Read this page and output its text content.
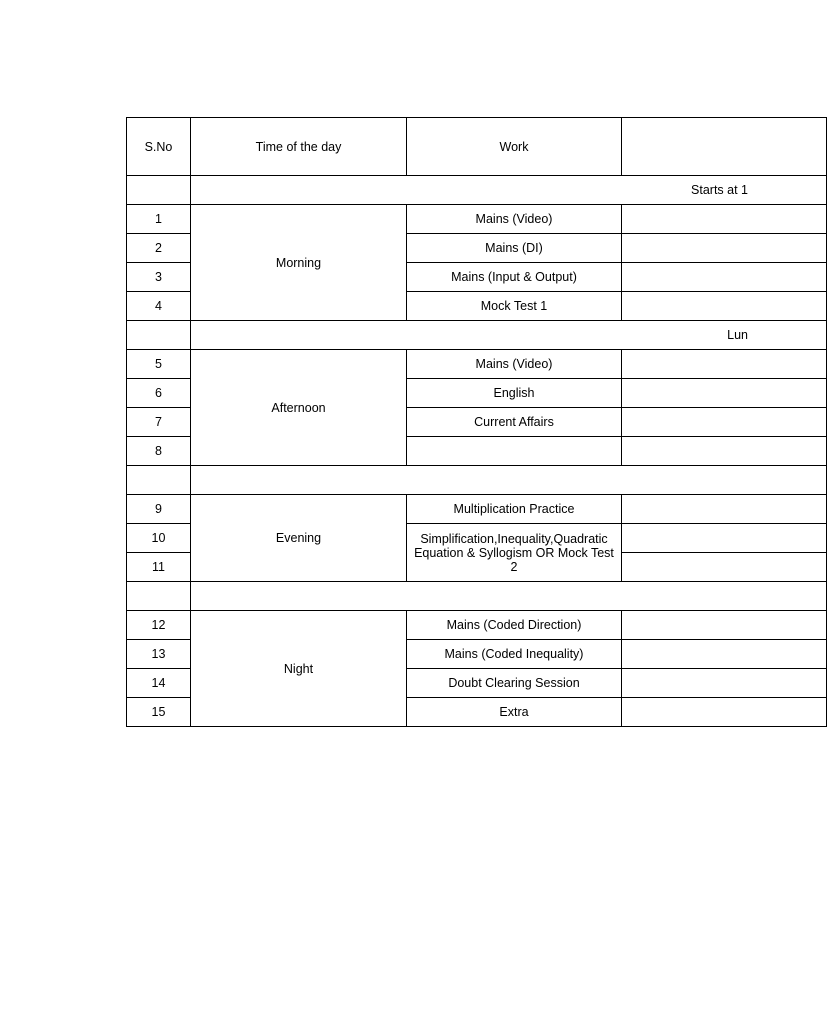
S.No	Time of the day	Work	
	Starts at 1		
1	Morning	Mains (Video)	
2		Mains (DI)	
3		Mains (Input & Output)	
4		Mock Test 1	
	Lun		
5	Afternoon	Mains (Video)	
6		English	
7		Current Affairs	
8			

9	Evening	Multiplication Practice	
10		Simplification,Inequality,Quadratic Equation & Syllogism OR Mock Test 2	
11			

12	Night	Mains (Coded Direction)	
13		Mains (Coded Inequality)	
14		Doubt Clearing Session	
15		Extra	
